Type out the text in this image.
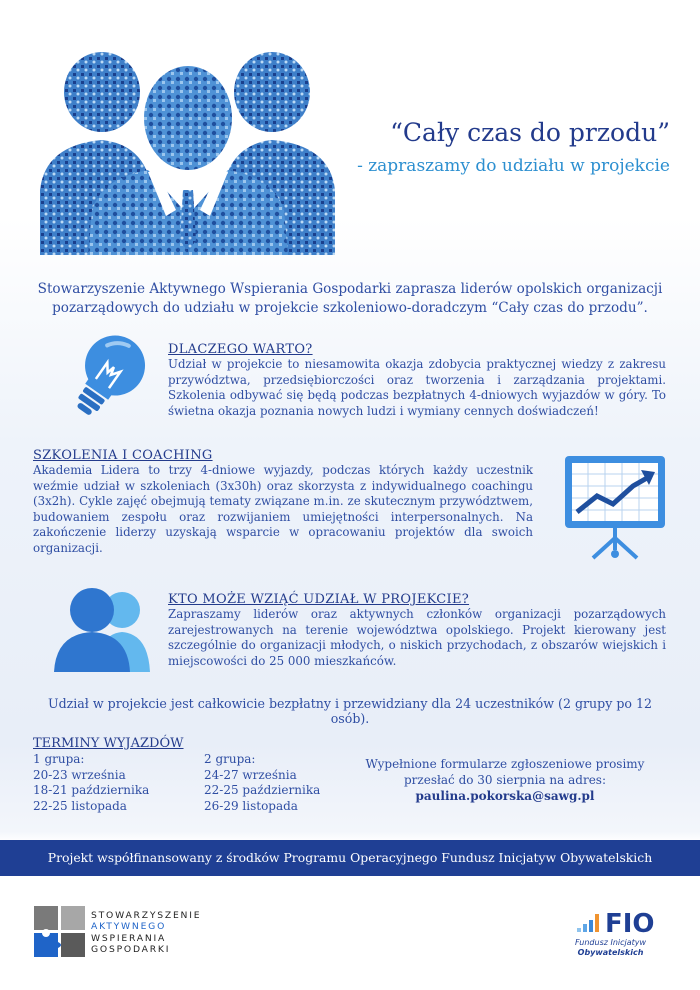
“Cały czas do przodu”
- zapraszamy do udziału w projekcie
Stowarzyszenie Aktywnego Wspierania Gospodarki zaprasza liderów opolskich organizacji pozarządowych do udziału w projekcie szkoleniowo-doradczym “Cały czas do przodu”.
DLACZEGO WARTO?
Udział w projekcie to niesamowita okazja zdobycia praktycznej wiedzy z zakresu przywództwa, przedsiębiorczości oraz tworzenia i zarządzania projektami. Szkolenia odbywać się będą podczas bezpłatnych 4-dniowych wyjazdów w góry. To świetna okazja poznania nowych ludzi i wymiany cennych doświadczeń!
SZKOLENIA I COACHING
Akademia Lidera to trzy 4-dniowe wyjazdy, podczas których każdy uczestnik weźmie udział w szkoleniach (3x30h) oraz skorzysta z indywidualnego coachingu (3x2h). Cykle zajęć obejmują tematy związane m.in. ze skutecznym przywództwem, budowaniem zespołu oraz rozwijaniem umiejętności interpersonalnych. Na zakończenie liderzy uzyskają wsparcie w opracowaniu projektów dla swoich organizacji.
KTO MOŻE WZIĄĆ UDZIAŁ W PROJEKCIE?
Zapraszamy liderów oraz aktywnych członków organizacji pozarządowych zarejestrowanych na terenie województwa opolskiego. Projekt kierowany jest szczególnie do organizacji młodych, o niskich przychodach, z obszarów wiejskich i miejscowości do 25 000 mieszkańców.
Udział w projekcie jest całkowicie bezpłatny i przewidziany dla 24 uczestników (2 grupy po 12 osób).
TERMINY WYJAZDÓW
1 grupa:
20-23 września
18-21 października
22-25 listopada
2 grupa:
24-27 września
22-25 października
26-29 listopada
Wypełnione formularze zgłoszeniowe prosimy
przesłać do 30 sierpnia na adres:
paulina.pokorska@sawg.pl
Projekt współfinansowany z środków Programu Operacyjnego Fundusz Inicjatyw Obywatelskich
STOWARZYSZENIE
AKTYWNEGO
WSPIERANIA
GOSPODARKI
FIO
Fundusz Inicjatyw
Obywatelskich
